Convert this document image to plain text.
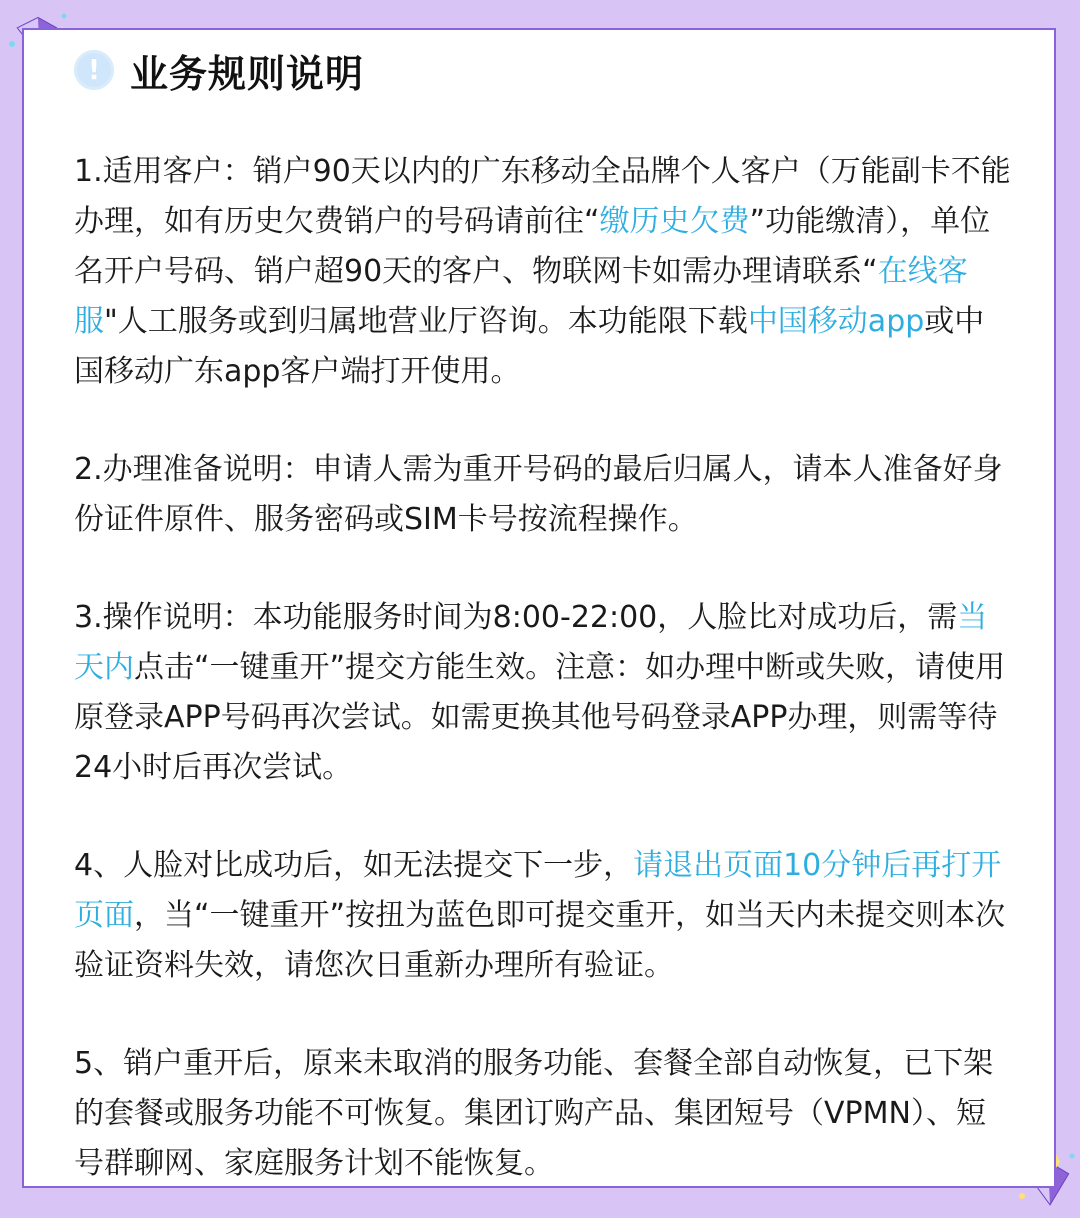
! 业务规则说明
1.适用客户：销户90天以内的广东移动全品牌个人客户（万能副卡不能办理，如有历史欠费销户的号码请前往“缴历史欠费”功能缴清），单位名开户号码、销户超90天的客户、物联网卡如需办理请联系“在线客服"人工服务或到归属地营业厅咨询。本功能限下载中国移动app或中国移动广东app客户端打开使用。
2.办理准备说明：申请人需为重开号码的最后归属人，请本人准备好身份证件原件、服务密码或SIM卡号按流程操作。
3.操作说明：本功能服务时间为8:00-22:00，人脸比对成功后，需当天内点击“一键重开”提交方能生效。注意：如办理中断或失败，请使用原登录APP号码再次尝试。如需更换其他号码登录APP办理，则需等待24小时后再次尝试。
4、人脸对比成功后，如无法提交下一步，请退出页面10分钟后再打开页面，当“一键重开”按扭为蓝色即可提交重开，如当天内未提交则本次验证资料失效，请您次日重新办理所有验证。
5、销户重开后，原来未取消的服务功能、套餐全部自动恢复，已下架的套餐或服务功能不可恢复。集团订购产品、集团短号（VPMN）、短号群聊网、家庭服务计划不能恢复。
